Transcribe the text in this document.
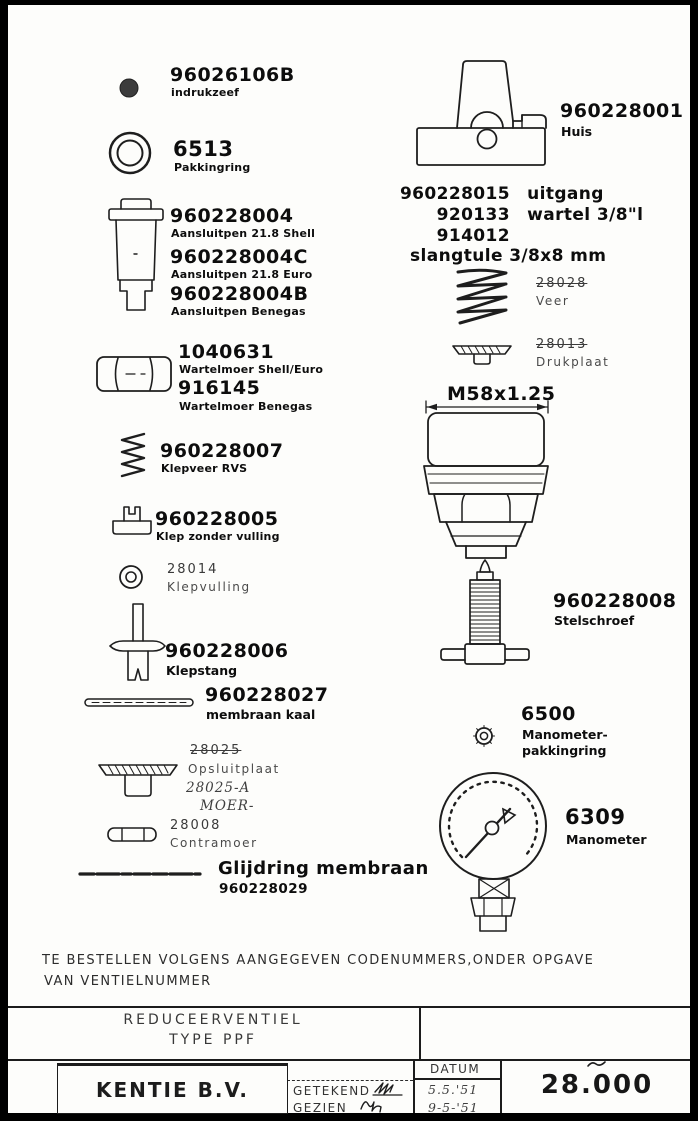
96026106B
indrukzeef
6513
Pakkingring
960228004
Aansluitpen 21.8 Shell
960228004C
Aansluitpen 21.8 Euro
960228004B
Aansluitpen Benegas
1040631
Wartelmoer Shell/Euro
916145
Wartelmoer Benegas
960228007
Klepveer RVS
960228005
Klep zonder vulling
28014
Klepvulling
960228006
Klepstang
960228027
membraan kaal
28025
Opsluitplaat
28025-A
MOER-
28008
Contramoer
Glijdring membraan
960228029
960228001
Huis
960228015 uitgang
920133 wartel 3/8"l
914012 slangtule 3/8x8 mm
28028
Veer
28013
Drukplaat
M58x1.25
960228008
Stelschroef
6500
Manometer-
pakkingring
6309
Manometer
TE BESTELLEN VOLGENS AANGEGEVEN CODENUMMERS,ONDER OPGAVE
VAN VENTIELNUMMER
REDUCEERVENTIEL
TYPE PPF
KENTIE B.V.	GETEKEND
GEZIEN
DATUM
5.5.'51
9-5-'51
28.000
